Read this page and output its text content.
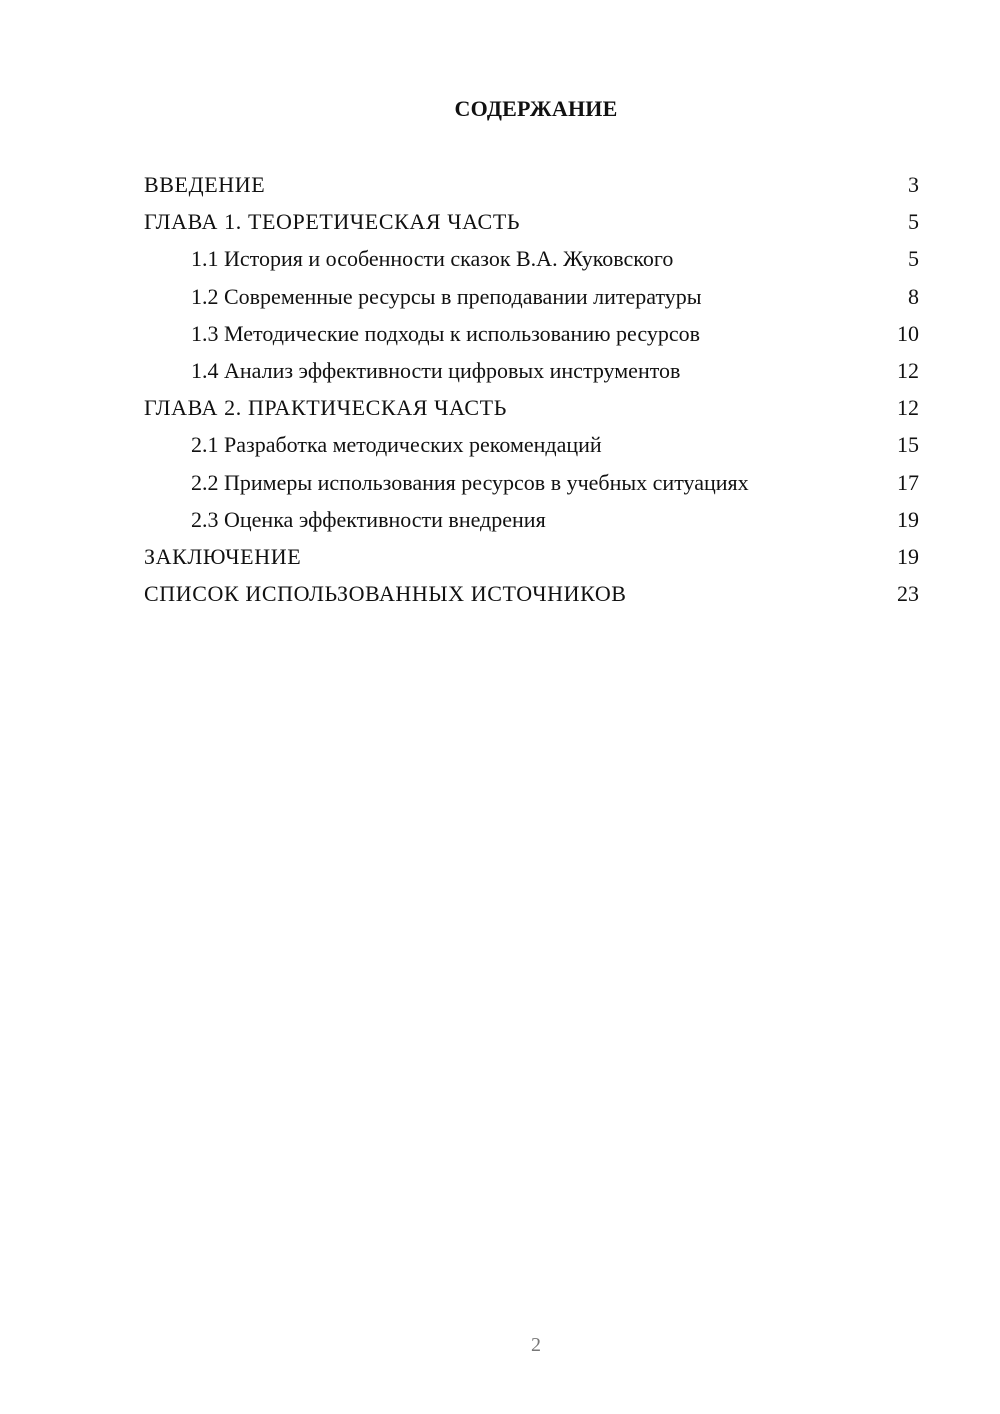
СОДЕРЖАНИЕ
ВВЕДЕНИЕ	3
ГЛАВА 1. ТЕОРЕТИЧЕСКАЯ ЧАСТЬ	5
1.1 История и особенности сказок В.А. Жуковского	5
1.2 Современные ресурсы в преподавании литературы	8
1.3 Методические подходы к использованию ресурсов	10
1.4 Анализ эффективности цифровых инструментов	12
ГЛАВА 2. ПРАКТИЧЕСКАЯ ЧАСТЬ	12
2.1 Разработка методических рекомендаций	15
2.2 Примеры использования ресурсов в учебных ситуациях	17
2.3 Оценка эффективности внедрения	19
ЗАКЛЮЧЕНИЕ	19
СПИСОК ИСПОЛЬЗОВАННЫХ ИСТОЧНИКОВ	23
2
